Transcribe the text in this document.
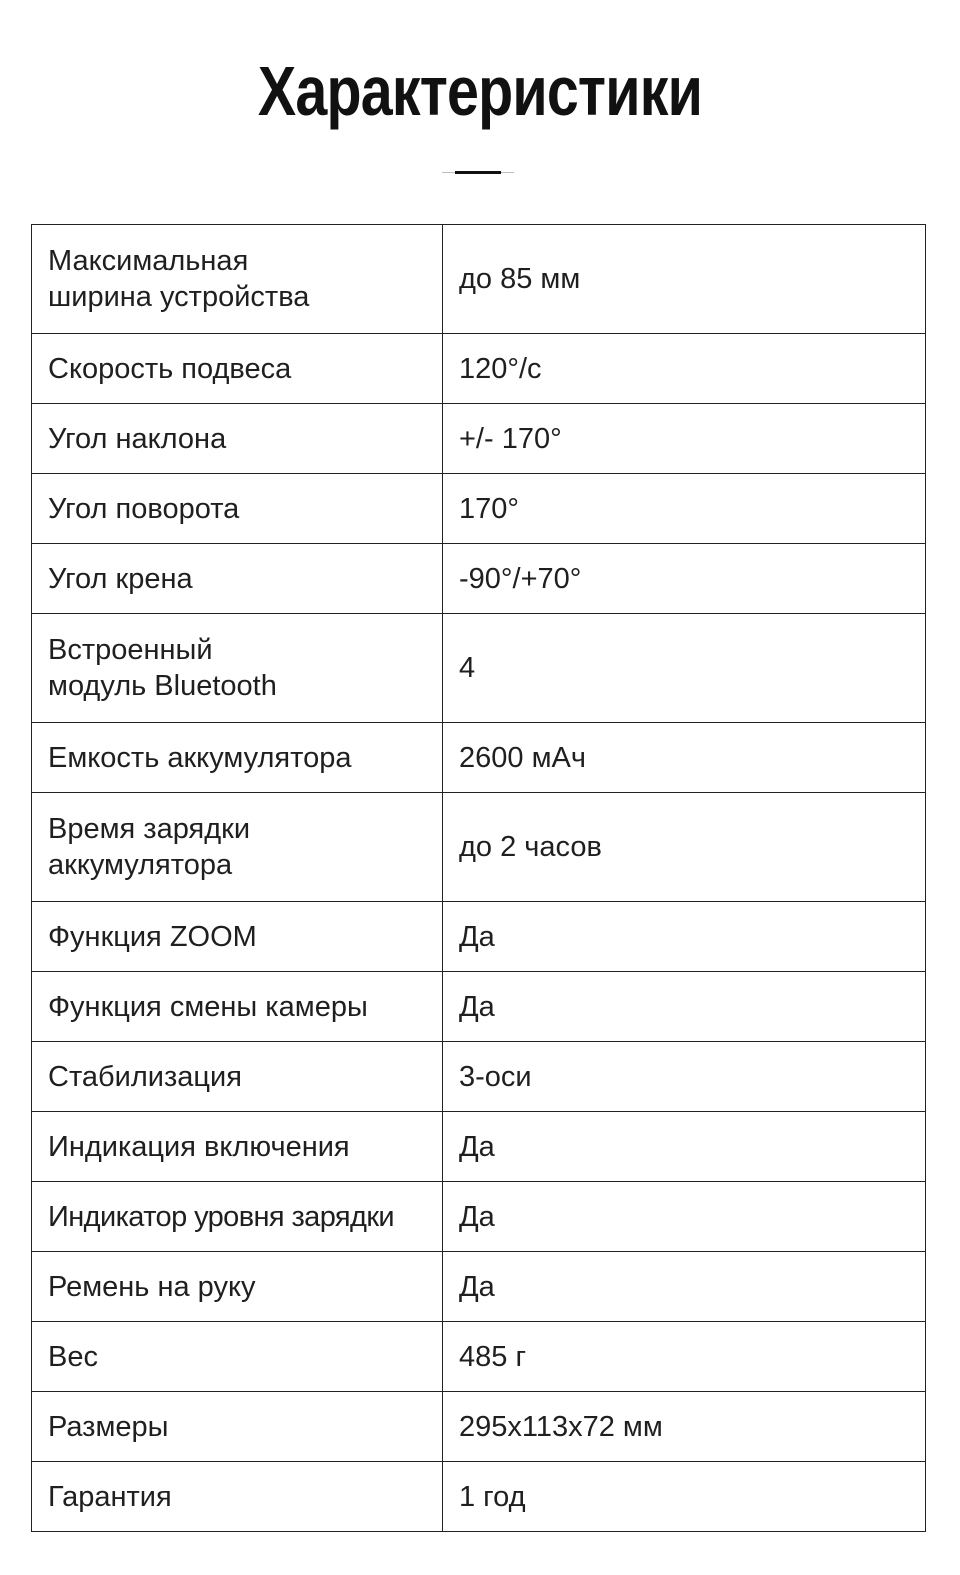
Характеристики
Максимальная
ширина устройства	до 85 мм
Скорость подвеса	120°/с
Угол наклона	+/- 170°
Угол поворота	170°
Угол крена	-90°/+70°
Встроенный
модуль Bluetooth	4
Емкость аккумулятора	2600 мАч
Время зарядки
аккумулятора	до 2 часов
Функция ZOOM	Да
Функция смены камеры	Да
Стабилизация	3-оси
Индикация включения	Да
Индикатор уровня зарядки	Да
Ремень на руку	Да
Вес	485 г
Размеры	295x113x72 мм
Гарантия	1 год
